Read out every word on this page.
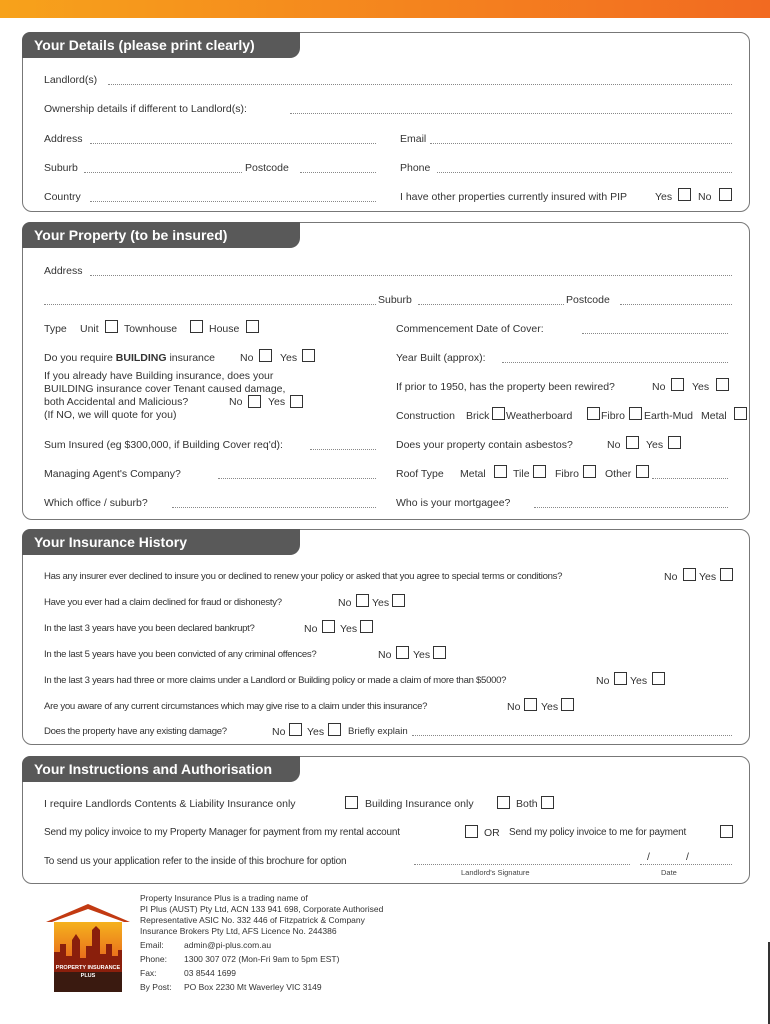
Your Details (please print clearly)
Landlord(s)
Ownership details if different to Landlord(s):
Address	Email
Suburb	Postcode	Phone
Country	I have other properties currently insured with PIP	Yes No
Your Property (to be insured)
Address
Suburb	Postcode
Type Unit Townhouse	House	Commencement Date of Cover:
Do you require BUILDING insurance No	Yes	Year Built (approx):
If you already have Building insurance, does your
BUILDING insurance cover Tenant caused damage,
both Accidental and Malicious?	No Yes
(If NO, we will quote for you)
If prior to 1950, has the property been rewired?	No	Yes
Construction Brick Weatherboard	Fibro Earth-Mud Metal
Sum Insured (eg $300,000, if Building Cover req'd):	Does your property contain asbestos?	No Yes
Managing Agent's Company?	Roof Type Metal	Tile Fibro Other
Which office / suburb?	Who is your mortgagee?
Your Insurance History
Has any insurer ever declined to insure you or declined to renew your policy or asked that you agree to special terms or conditions?	No Yes
Have you ever had a claim declined for fraud or dishonesty?	No Yes
In the last 3 years have you been declared bankrupt?	No Yes
In the last 5 years have you been convicted of any criminal offences?	No Yes
In the last 3 years had three or more claims under a Landlord or Building policy or made a claim of more than $5000?	No Yes
Are you aware of any current circumstances which may give rise to a claim under this insurance?	No Yes
Does the property have any existing damage?	No Yes Briefly explain
Your Instructions and Authorisation
I require Landlords Contents & Liability Insurance only	Building Insurance only	Both
Send my policy invoice to my Property Manager for payment from my rental account	OR Send my policy invoice to me for payment
To send us your application refer to the inside of this brochure for option	/	/
Landlord's Signature	Date
PROPERTY INSURANCE
PLUS
Property Insurance Plus is a trading name of
PI Plus (AUST) Pty Ltd, ACN 133 941 698, Corporate Authorised
Representative ASIC No. 332 446 of Fitzpatrick & Company
Insurance Brokers Pty Ltd, AFS Licence No. 244386
Email: admin@pi-plus.com.au
Phone: 1300 307 072 (Mon-Fri 9am to 5pm EST)
Fax:	03 8544 1699
By Post: PO Box 2230 Mt Waverley VIC 3149
